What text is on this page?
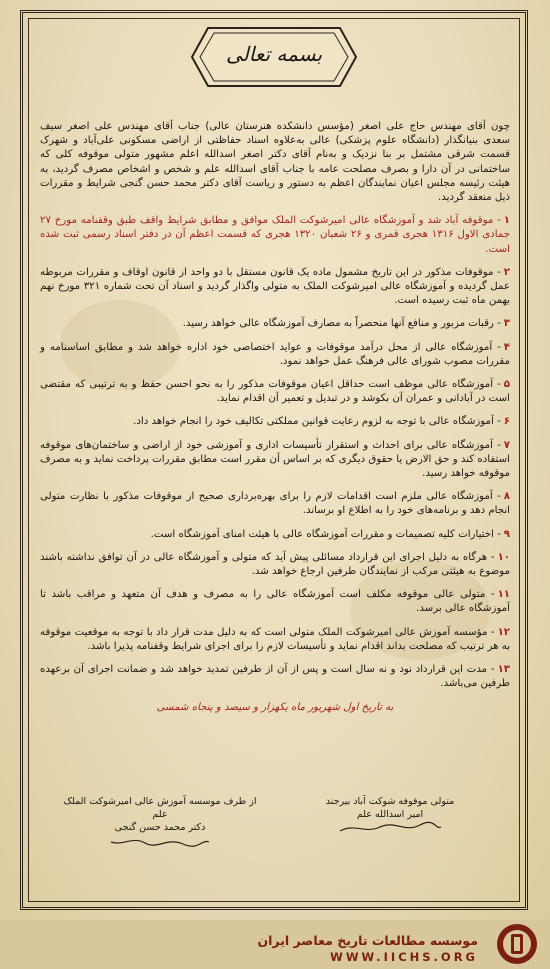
بسمه تعالی

چون آقای مهندس حاج علی اصغر (مؤسس دانشکده هنرستان عالی) جناب آقای مهندس علی اصغر سیف سعدی بنیانگذار (دانشگاه علوم پزشکی) عالی به‌علاوه اسناد حفاظتی از اراضی مسکونی علی‌آباد و شهرک قسمت شرقی مشتمل بر بنا نزدیک و به‌نام آقای دکتر اصغر اسدالله اعلم مشهور متولی موقوفه کلی که ساختمانی در آن دارا و بصرف مصلحت عامه با جناب آقای اسدالله علم و شخص و اشخاص مصرف گردید، به هیئت رئیسه مجلس اعیان نمایندگان اعظم به دستور و ریاست آقای دکتر محمد حسن گنجی شرایط و مقررات ذیل منعقد گردید.

۱- موقوفه آباد شد و آموزشگاه عالی امیرشوکت الملک موافق و مطابق شرایط واقف طبق وقفنامه مورخ ۲۷ جمادی الاول ۱۳۱۶ هجری قمری و ۲۶ شعبان ۱۳۲۰ هجری که قسمت اعظم آن در دفتر اسناد رسمی ثبت شده است.

۲- موقوفات مذکور در این تاریخ مشمول ماده یک قانون مستقل با دو واحد از قانون اوقاف و مقررات مربوطه عمل گردیده و آموزشگاه عالی امیرشوکت الملک به متولی واگذار گردید و اسناد آن تحت شماره ۳۲۱ مورخ نهم بهمن ماه ثبت رسیده است.

۳- رقبات مزبور و منافع آنها منحصراً به مصارف آموزشگاه عالی خواهد رسید.

۴- آموزشگاه عالی از محل درآمد موقوفات و عواید اختصاصی خود اداره خواهد شد و مطابق اساسنامه و مقررات مصوب شورای عالی فرهنگ عمل خواهد نمود.

۵- آموزشگاه عالی موظف است حداقل اعیان موقوفات مذکور را به نحو احسن حفظ و به ترتیبی که مقتضی است در آبادانی و عمران آن بکوشد و در تبدیل و تعمیر آن اقدام نماید.

۶- آموزشگاه عالی با توجه به لزوم رعایت قوانین مملکتی تکالیف خود را انجام خواهد داد.

۷- آموزشگاه عالی برای احداث و استقرار تأسیسات اداری و آموزشی خود از اراضی و ساختمان‌های موقوفه استفاده کند و حق الارض یا حقوق دیگری که بر اساس آن مقرر است مطابق مقررات پرداخت نماید و به مصرف موقوفه خواهد رسید.

۸- آموزشگاه عالی ملزم است اقدامات لازم را برای بهره‌برداری صحیح از موقوفات مذکور با نظارت متولی انجام دهد و برنامه‌های خود را به اطلاع او برساند.

۹- اختیارات کلیه تصمیمات و مقررات آموزشگاه عالی با هیئت امنای آموزشگاه است.

۱۰- هرگاه به دلیل اجرای این قرارداد مسائلی پیش آید که متولی و آموزشگاه عالی در آن توافق نداشته باشند موضوع به هیئتی مرکب از نمایندگان طرفین ارجاع خواهد شد.

۱۱- متولی عالی موقوفه مکلف است آموزشگاه عالی را به مصرف و هدف آن متعهد و مراقب باشد تا آموزشگاه عالی برسد.

۱۲- مؤسسه آموزش عالی امیرشوکت الملک متولی است که به دلیل مدت قرار داد با توجه به موقعیت موقوفه به هر ترتیب که مصلحت بداند اقدام نماید و تأسیسات لازم را برای اجرای شرایط وقفنامه پذیرا باشد.

۱۳- مدت این قرارداد نود و نه سال است و پس از آن از طرفین تمدید خواهد شد و ضمانت اجرای آن برعهده طرفین می‌باشد.

به تاریخ اول شهریور ماه یکهزار و سیصد و پنجاه شمسی
متولی موقوفه شوکت آباد بیرجند
امیر اسدالله علم
از طرف موسسه آموزش عالی امیرشوکت الملک علم
دکتر محمد حسن گنجی
موسسه مطالعات تاریخ معاصر ایران
WWW.IICHS.ORG
